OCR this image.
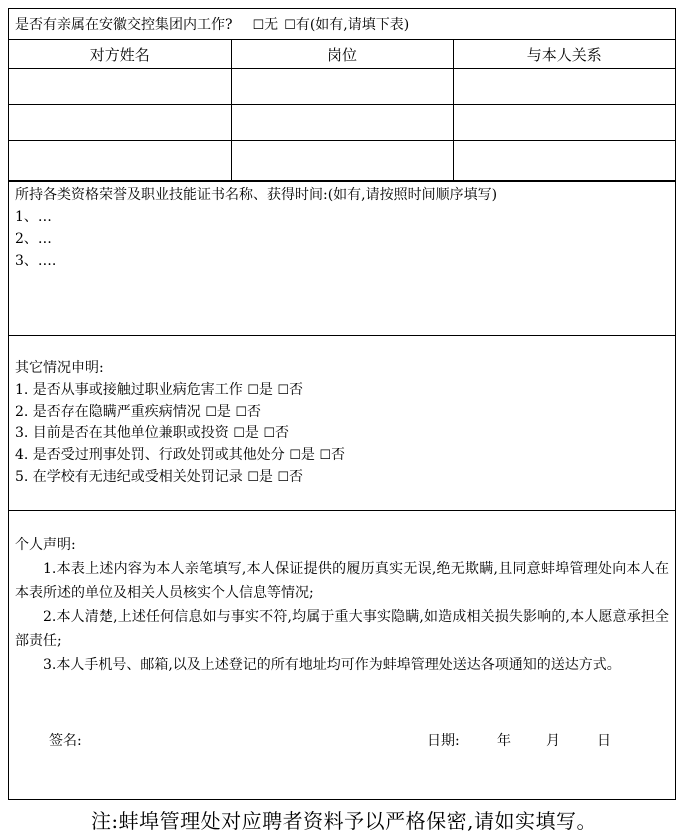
是否有亲属在安徽交控集团内工作? ☐无 ☐有 (如有,请填下表)
对方姓名	岗位	与本人关系

所持各类资格荣誉及职业技能证书名称、获得时间:(如有,请按照时间顺序填写)
1、…
2、…
3、….
其它情况申明:
1. 是否从事或接触过职业病危害工作 ☐是 ☐否
2. 是否存在隐瞒严重疾病情况 ☐是 ☐否
3. 目前是否在其他单位兼职或投资 ☐是 ☐否
4. 是否受过刑事处罚、行政处罚或其他处分 ☐是 ☐否
5. 在学校有无违纪或受相关处罚记录 ☐是 ☐否
个人声明:

1.本表上述内容为本人亲笔填写,本人保证提供的履历真实无误,绝无欺瞒,且同意蚌埠管理处向本人在本表所述的单位及相关人员核实个人信息等情况;

2.本人清楚,上述任何信息如与事实不符,均属于重大事实隐瞒,如造成相关损失影响的,本人愿意承担全部责任;

3.本人手机号、邮箱,以及上述登记的所有地址均可作为蚌埠管理处送达各项通知的送达方式。

签名:	日期:	年	月	日
注:蚌埠管理处对应聘者资料予以严格保密,请如实填写。
